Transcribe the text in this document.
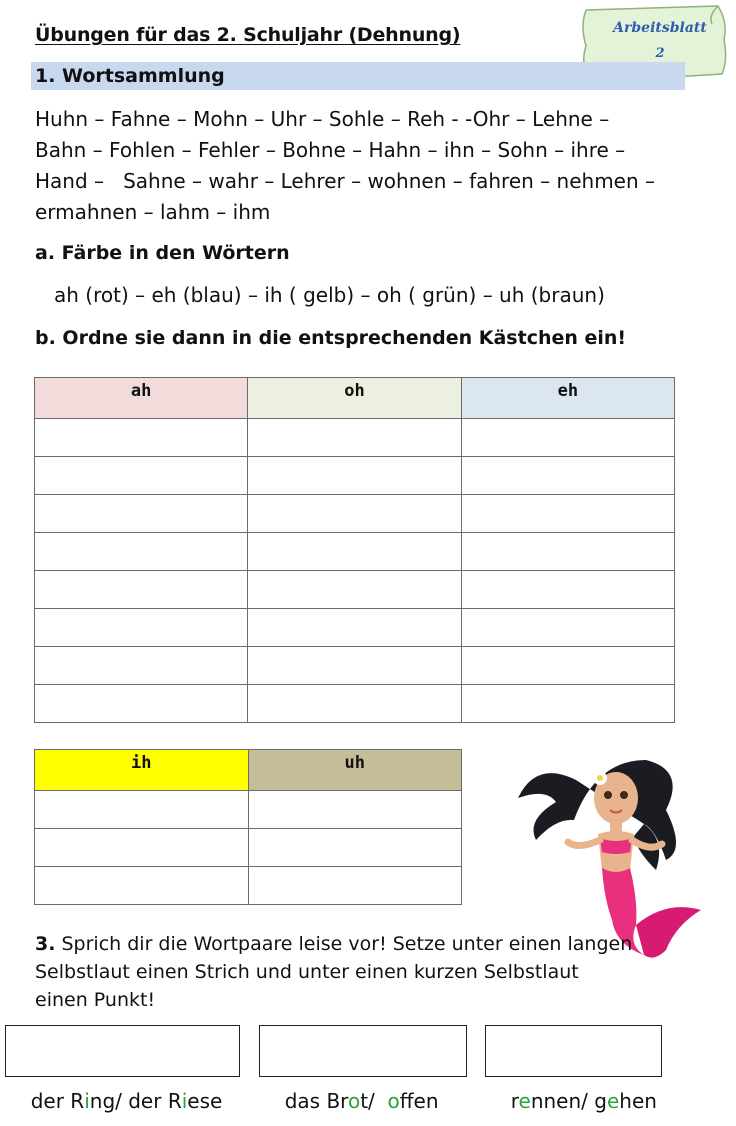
Übungen für das 2. Schuljahr (Dehnung)	Arbeitsblatt
2
1. Wortsammlung
Huhn – Fahne – Mohn – Uhr – Sohle – Reh - -Ohr – Lehne –
Bahn – Fohlen – Fehler – Bohne – Hahn – ihn – Sohn – ihre –
Hand –   Sahne – wahr – Lehrer – wohnen – fahren – nehmen –
ermahnen – lahm – ihm
a. Färbe in den Wörtern
ah (rot) – eh (blau) – ih ( gelb) – oh ( grün) – uh (braun)
b. Ordne sie dann in die entsprechenden Kästchen ein!
ah	oh	eh

ih	uh

3. Sprich dir die Wortpaare leise vor! Setze unter einen langen Selbstlaut einen Strich und unter einen kurzen Selbstlaut einen Punkt!

der Ring/ der Riese	das Brot/  offen	rennen/ gehen
